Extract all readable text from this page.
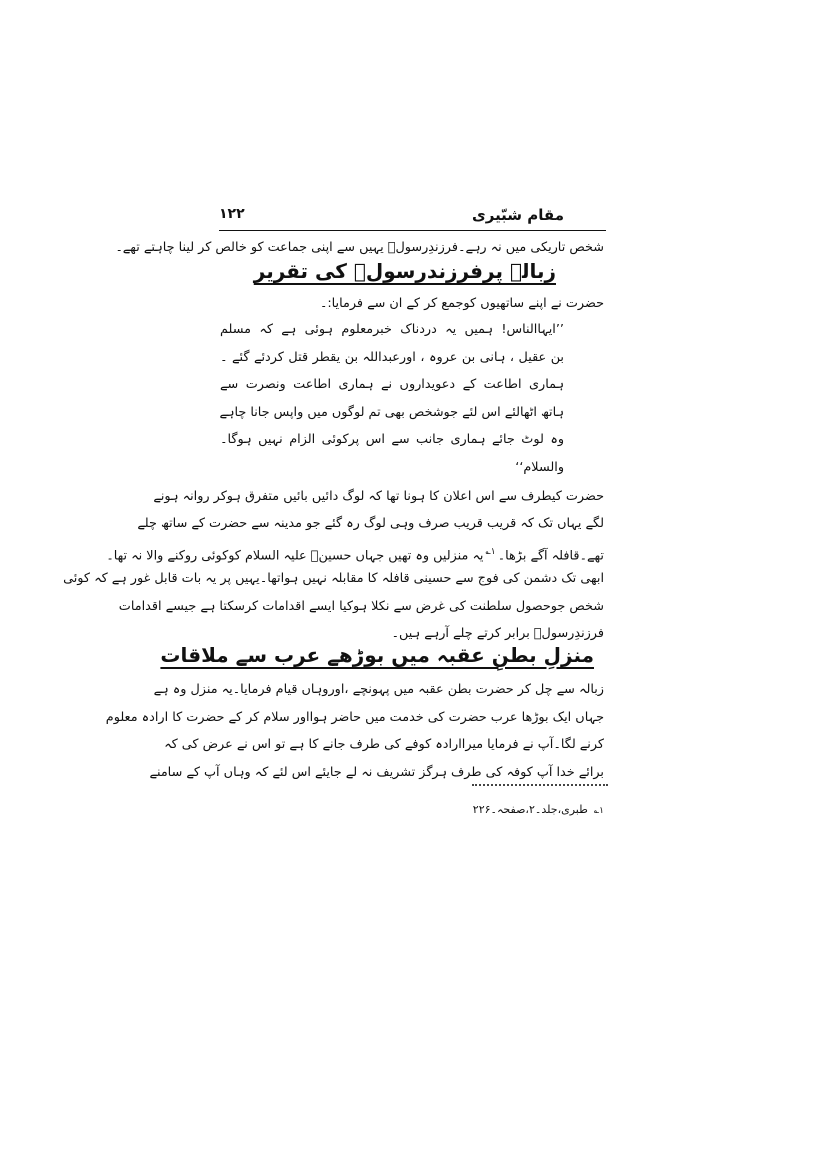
مقام شبّیری
۱۲۲
شخص تاریکی میں نہ رہے۔فرزندِرسولؐ یہیں سے اپنی جماعت کو خالص کر لینا چاہتے تھے۔
زبالہ پرفرزندرسولؐ کی تقریر
حضرت نے اپنے ساتھیوں کوجمع کر کے ان سے فرمایا:۔
’’ایہاالناس! ہمیں یہ دردناک خبرمعلوم ہوئی ہے کہ مسلم
بن عقیل ، ہانی بن عروہ ، اورعبداللہ بن یقطر قتل کردئے گئے ۔
ہماری اطاعت کے دعویداروں نے ہماری اطاعت ونصرت سے
ہاتھ اٹھالئے اس لئے جوشخص بھی تم لوگوں میں واپس جانا چاہے
وہ لوٹ جائے ہماری جانب سے اس پرکوئی الزام نہیں ہوگا۔
والسلام‘‘
حضرت کیطرف سے اس اعلان کا ہونا تھا کہ لوگ دائیں بائیں متفرق ہوکر روانہ ہونے
لگے یہاں تک کہ قریب قریب صرف وہی لوگ رہ گئے جو مدینہ سے حضرت کے ساتھ چلے
تھے۔قافلہ آگے بڑھا۔$^{۱؎}$یہ منزلیں وہ تھیں جہاں حسینؑ علیہ السلام کوکوئی روکنے والا نہ تھا۔
ابھی تک دشمن کی فوج سے حسینی قافلہ کا مقابلہ نہیں ہواتھا۔یہیں پر یہ بات قابل غور ہے کہ کوئی
شخص جوحصول سلطنت کی غرض سے نکلا ہوکیا ایسے اقدامات کرسکتا ہے جیسے اقدامات
فرزندِرسولؐ برابر کرتے چلے آرہے ہیں۔
منزلِ بطنِ عقبہ میں بوڑھے عرب سے ملاقات
زبالہ سے چل کر حضرت بطن عقبہ میں پہونچے ،اوروہاں قیام فرمایا۔یہ منزل وہ ہے
جہاں ایک بوڑھا عرب حضرت کی خدمت میں حاضر ہوااور سلام کر کے حضرت کا ارادہ معلوم
کرنے لگا۔آپ نے فرمایا میراارادہ کوفے کی طرف جانے کا ہے تو اس نے عرض کی کہ
برائے خدا آپ کوفہ کی طرف ہرگز تشریف نہ لے جایئے اس لئے کہ وہاں آپ کے سامنے
۱؎طبری،جلد۔۲،صفحہ۔۲۲۶
